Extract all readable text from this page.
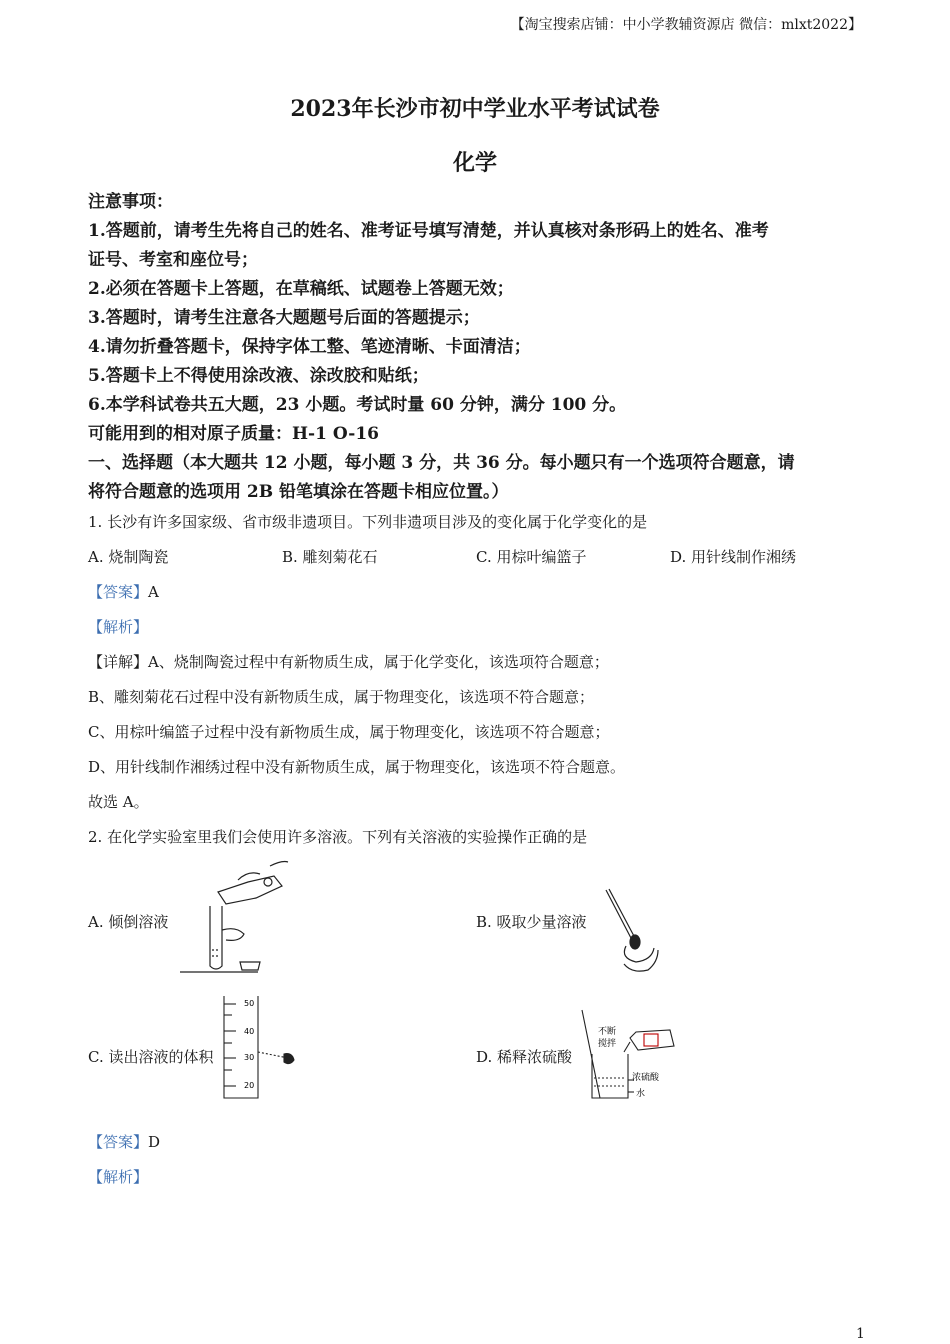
【淘宝搜索店铺：中小学教辅资源店 微信：mlxt2022】
2023年长沙市初中学业水平考试试卷
化学
注意事项：
1.答题前，请考生先将自己的姓名、准考证号填写清楚，并认真核对条形码上的姓名、准考
证号、考室和座位号；
2.必须在答题卡上答题，在草稿纸、试题卷上答题无效；
3.答题时，请考生注意各大题题号后面的答题提示；
4.请勿折叠答题卡，保持字体工整、笔迹清晰、卡面清洁；
5.答题卡上不得使用涂改液、涂改胶和贴纸；
6.本学科试卷共五大题，23 小题。考试时量 60 分钟，满分 100 分。
可能用到的相对原子质量：H-1 O-16
一、选择题（本大题共 12 小题，每小题 3 分，共 36 分。每小题只有一个选项符合题意，请
将符合题意的选项用 2B 铅笔填涂在答题卡相应位置。）
1. 长沙有许多国家级、省市级非遗项目。下列非遗项目涉及的变化属于化学变化的是
A. 烧制陶瓷	B. 雕刻菊花石	C. 用棕叶编篮子	D. 用针线制作湘绣
【答案】A
【解析】
【详解】A、烧制陶瓷过程中有新物质生成，属于化学变化，该选项符合题意；
B、雕刻菊花石过程中没有新物质生成，属于物理变化，该选项不符合题意；
C、用棕叶编篮子过程中没有新物质生成，属于物理变化，该选项不符合题意；
D、用针线制作湘绣过程中没有新物质生成，属于物理变化，该选项不符合题意。
故选 A。
2. 在化学实验室里我们会使用许多溶液。下列有关溶液的实验操作正确的是
A. 倾倒溶液	B. 吸取少量溶液
C. 读出溶液的体积
50
40
30
20
D. 稀释浓硫酸
不断
搅拌
浓硫酸
水
【答案】D
【解析】
1
